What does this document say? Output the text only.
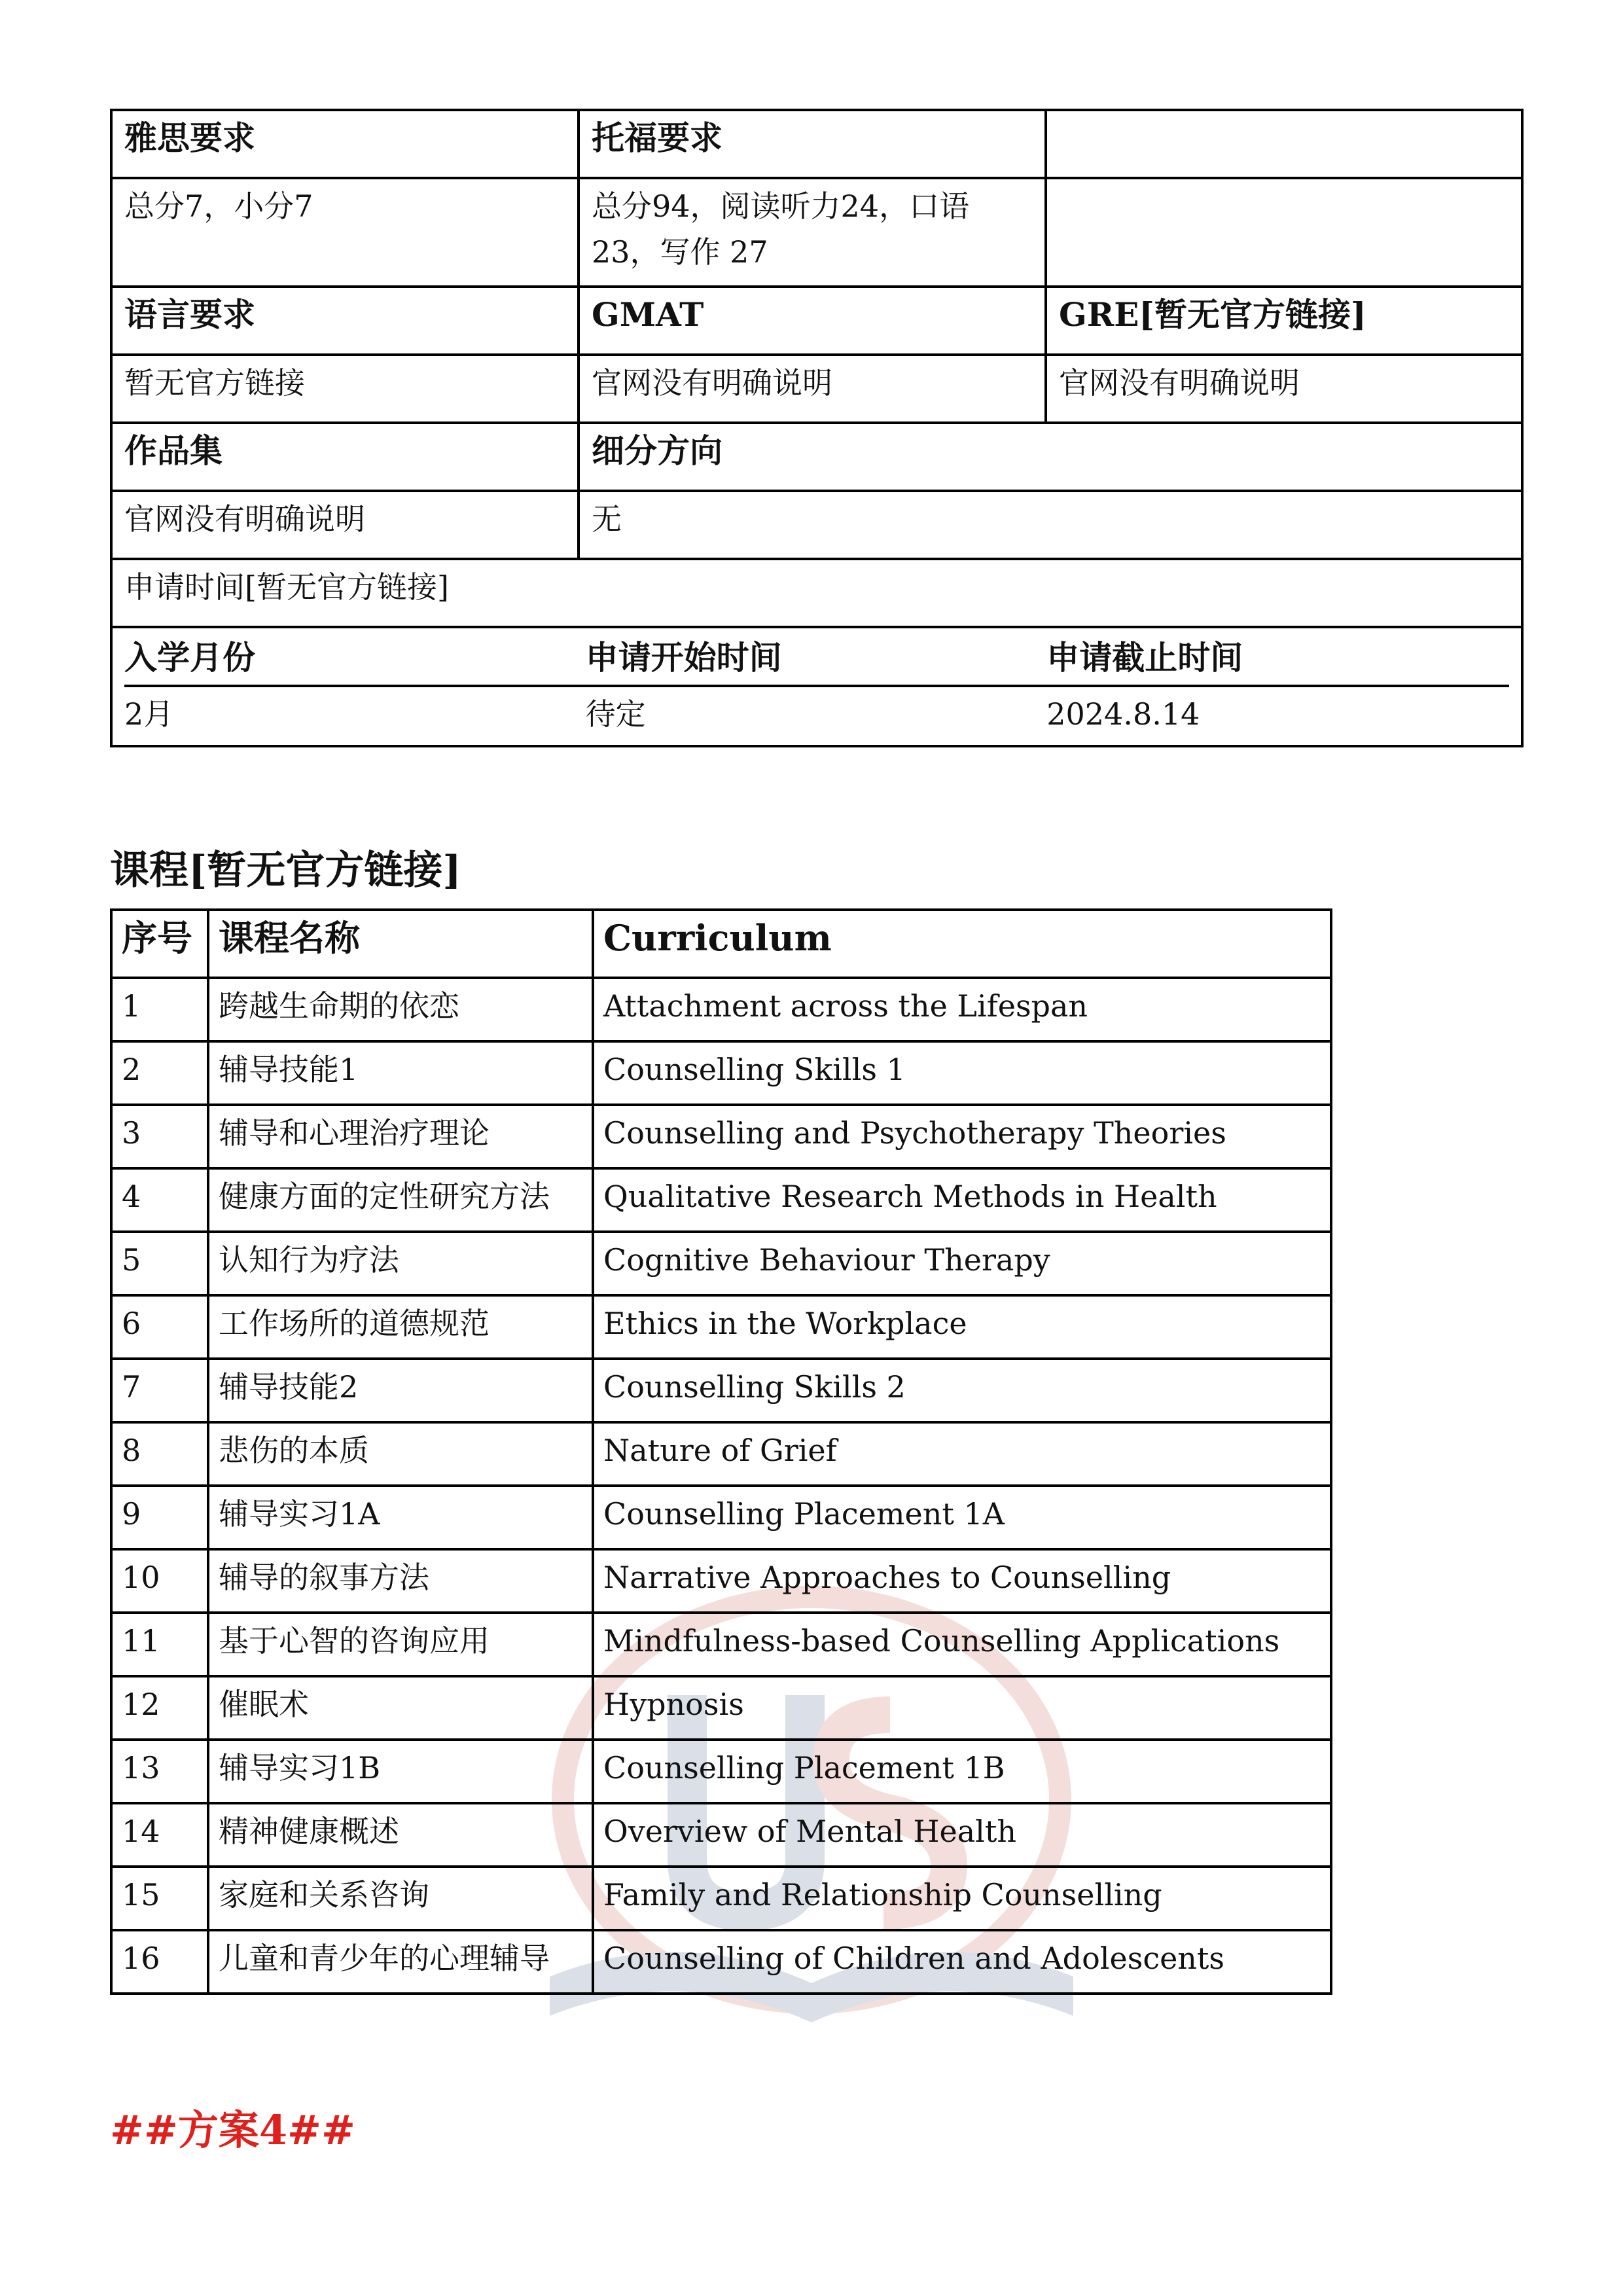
雅思要求	托福要求	
总分7，小分7	总分94，阅读听力24，口语23，写作 27	
语言要求	GMAT	GRE[暂无官方链接]
暂无官方链接	官网没有明确说明	官网没有明确说明
作品集	细分方向
官网没有明确说明	无
申请时间[暂无官方链接]

入学月份	申请开始时间	申请截止时间
2月	待定	2024.8.14
课程[暂无官方链接]
序号	课程名称	Curriculum
1	跨越生命期的依恋	Attachment across the Lifespan
2	辅导技能1	Counselling Skills 1
3	辅导和心理治疗理论	Counselling and Psychotherapy Theories
4	健康方面的定性研究方法	Qualitative Research Methods in Health
5	认知行为疗法	Cognitive Behaviour Therapy
6	工作场所的道德规范	Ethics in the Workplace
7	辅导技能2	Counselling Skills 2
8	悲伤的本质	Nature of Grief
9	辅导实习1A	Counselling Placement 1A
10	辅导的叙事方法	Narrative Approaches to Counselling
11	基于心智的咨询应用	Mindfulness-based Counselling Applications
12	催眠术	Hypnosis
13	辅导实习1B	Counselling Placement 1B
14	精神健康概述	Overview of Mental Health
15	家庭和关系咨询	Family and Relationship Counselling
16	儿童和青少年的心理辅导	Counselling of Children and Adolescents
##方案4##
